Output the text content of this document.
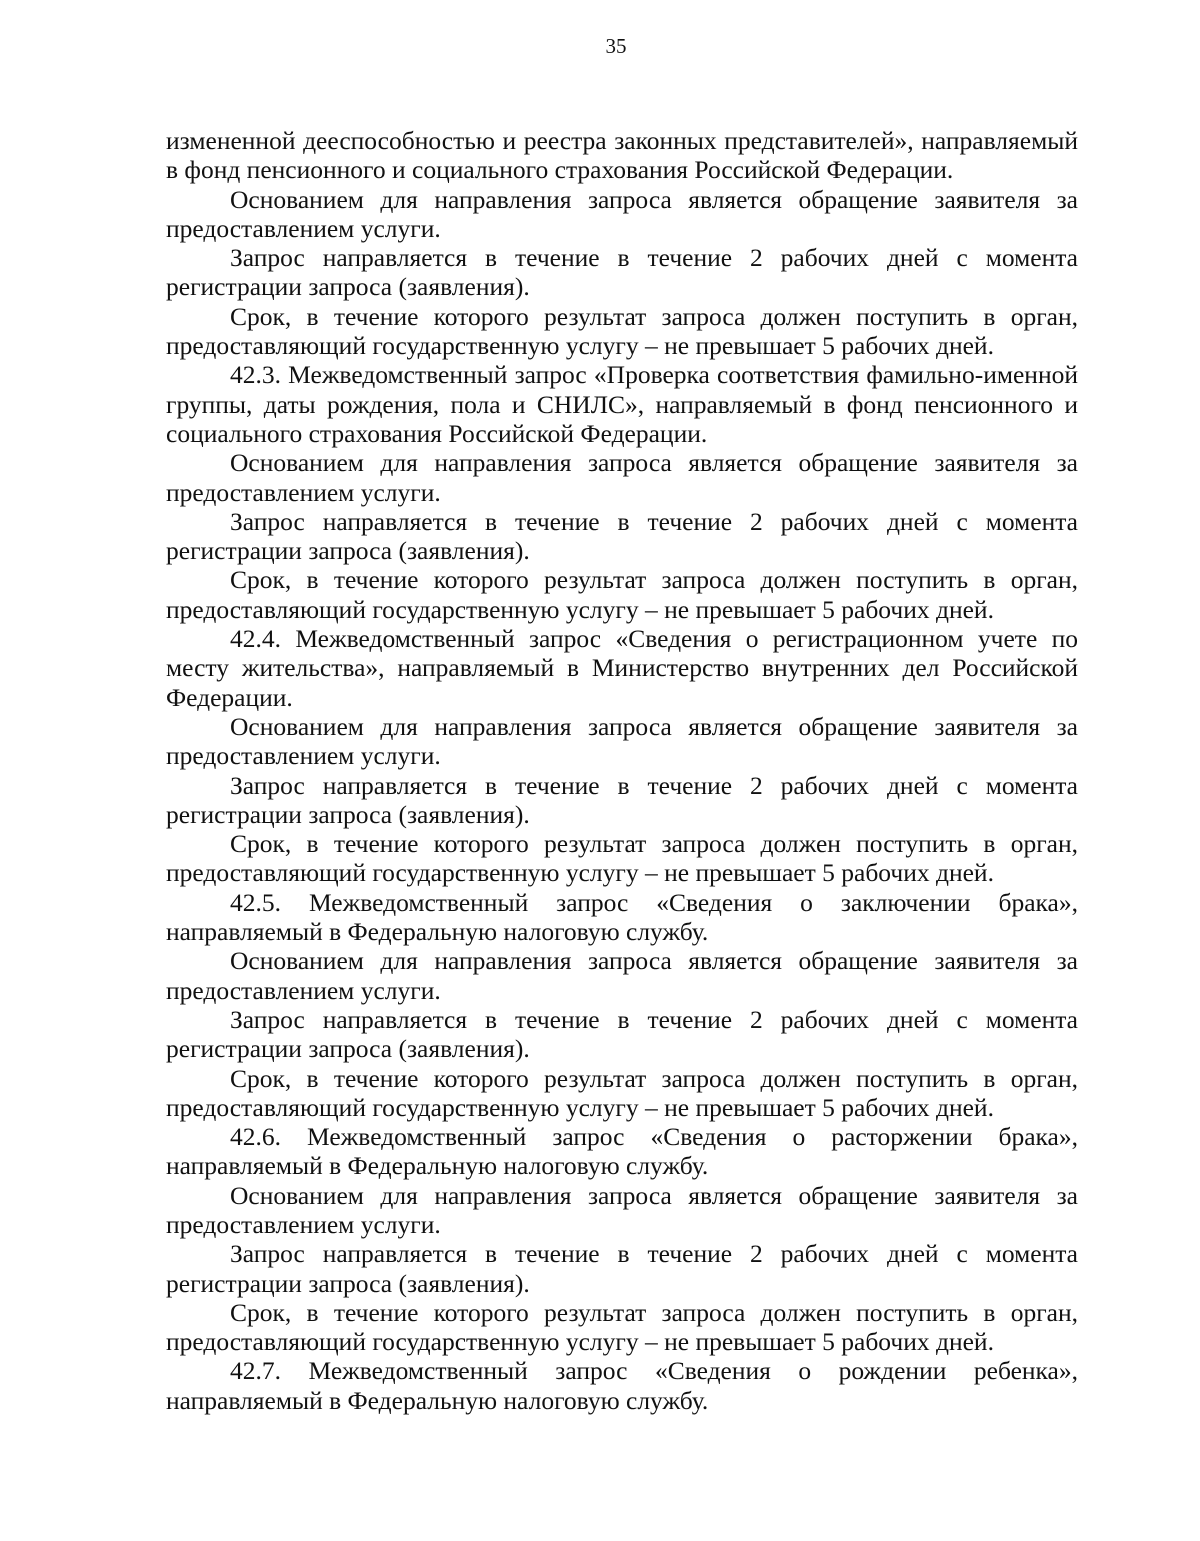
35

измененной дееспособностью и реестра законных представителей», направляемый в фонд пенсионного и социального страхования Российской Федерации.

Основанием для направления запроса является обращение заявителя за предоставлением услуги.

Запрос направляется в течение в течение 2 рабочих дней с момента регистрации запроса (заявления).

Срок, в течение которого результат запроса должен поступить в орган, предоставляющий государственную услугу – не превышает 5 рабочих дней.

42.3. Межведомственный запрос «Проверка соответствия фамильно-именной группы, даты рождения, пола и СНИЛС», направляемый в фонд пенсионного и социального страхования Российской Федерации.

Основанием для направления запроса является обращение заявителя за предоставлением услуги.

Запрос направляется в течение в течение 2 рабочих дней с момента регистрации запроса (заявления).

Срок, в течение которого результат запроса должен поступить в орган, предоставляющий государственную услугу – не превышает 5 рабочих дней.

42.4. Межведомственный запрос «Сведения о регистрационном учете по месту жительства», направляемый в Министерство внутренних дел Российской Федерации.

Основанием для направления запроса является обращение заявителя за предоставлением услуги.

Запрос направляется в течение в течение 2 рабочих дней с момента регистрации запроса (заявления).

Срок, в течение которого результат запроса должен поступить в орган, предоставляющий государственную услугу – не превышает 5 рабочих дней.

42.5. Межведомственный запрос «Сведения о заключении брака», направляемый в Федеральную налоговую службу.

Основанием для направления запроса является обращение заявителя за предоставлением услуги.

Запрос направляется в течение в течение 2 рабочих дней с момента регистрации запроса (заявления).

Срок, в течение которого результат запроса должен поступить в орган, предоставляющий государственную услугу – не превышает 5 рабочих дней.

42.6. Межведомственный запрос «Сведения о расторжении брака», направляемый в Федеральную налоговую службу.

Основанием для направления запроса является обращение заявителя за предоставлением услуги.

Запрос направляется в течение в течение 2 рабочих дней с момента регистрации запроса (заявления).

Срок, в течение которого результат запроса должен поступить в орган, предоставляющий государственную услугу – не превышает 5 рабочих дней.

42.7. Межведомственный запрос «Сведения о рождении ребенка», направляемый в Федеральную налоговую службу.
